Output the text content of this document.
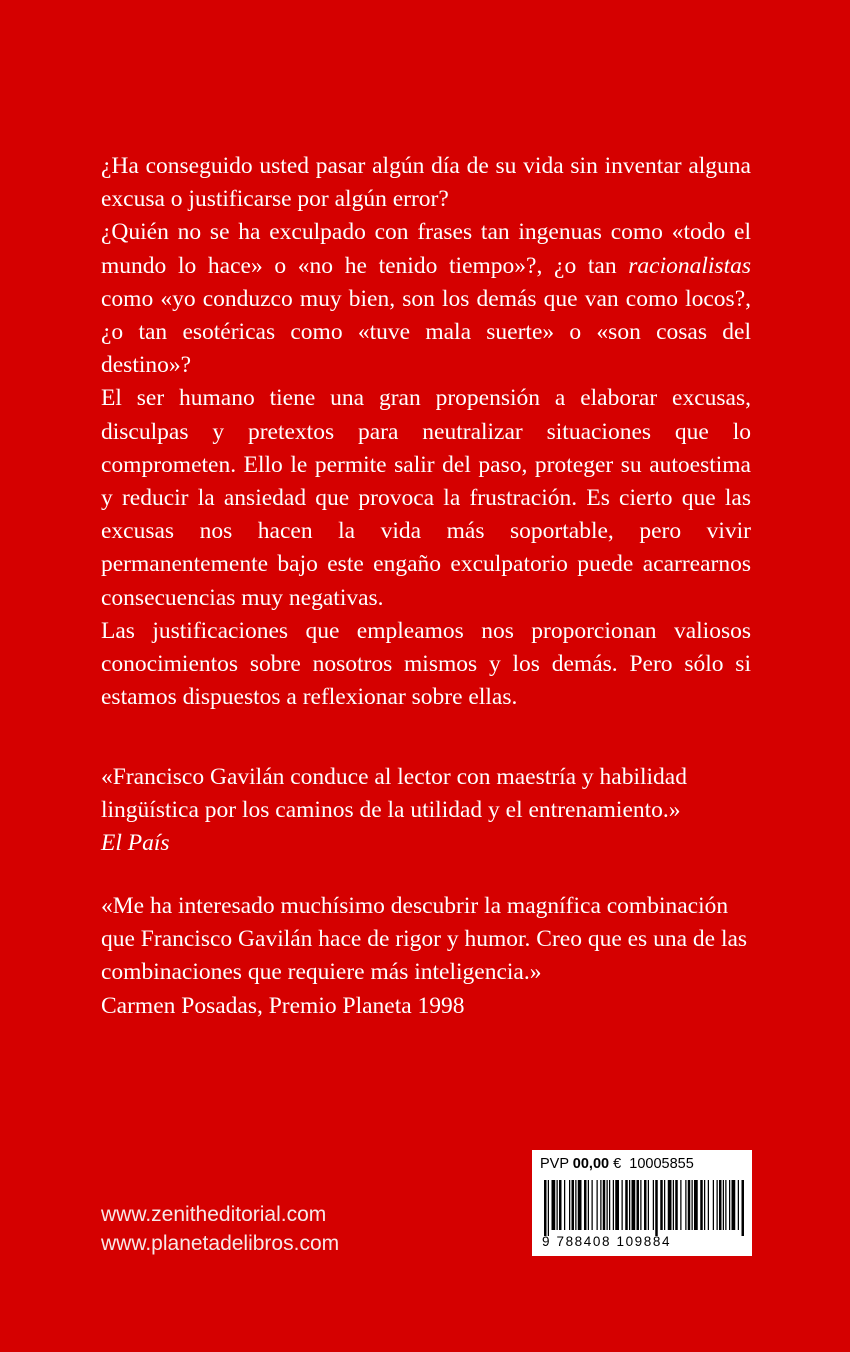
¿Ha conseguido usted pasar algún día de su vida sin inventar alguna excusa o justificarse por algún error?

¿Quién no se ha exculpado con frases tan ingenuas como «todo el mundo lo hace» o «no he tenido tiempo»?, ¿o tan racionalistas como «yo conduzco muy bien, son los demás que van como locos?, ¿o tan esotéricas como «tuve mala suerte» o «son cosas del destino»?

El ser humano tiene una gran propensión a elaborar excusas, disculpas y pretextos para neutralizar situaciones que lo comprometen. Ello le permite salir del paso, proteger su autoestima y reducir la ansiedad que provoca la frustración. Es cierto que las excusas nos hacen la vida más soportable, pero vivir permanentemente bajo este engaño exculpatorio puede acarrearnos consecuencias muy negativas.

Las justificaciones que empleamos nos proporcionan valiosos conocimientos sobre nosotros mismos y los demás. Pero sólo si estamos dispuestos a reflexionar sobre ellas.

«Francisco Gavilán conduce al lector con maestría y habilidad lingüística por los caminos de la utilidad y el entrenamiento.»

El País

«Me ha interesado muchísimo descubrir la magnífica combinación que Francisco Gavilán hace de rigor y humor. Creo que es una de las combinaciones que requiere más inteligencia.»

Carmen Posadas, Premio Planeta 1998

www.zenitheditorial.com
www.planetadelibros.com
PVP 00,00 € 10005855
9 788408 109884
